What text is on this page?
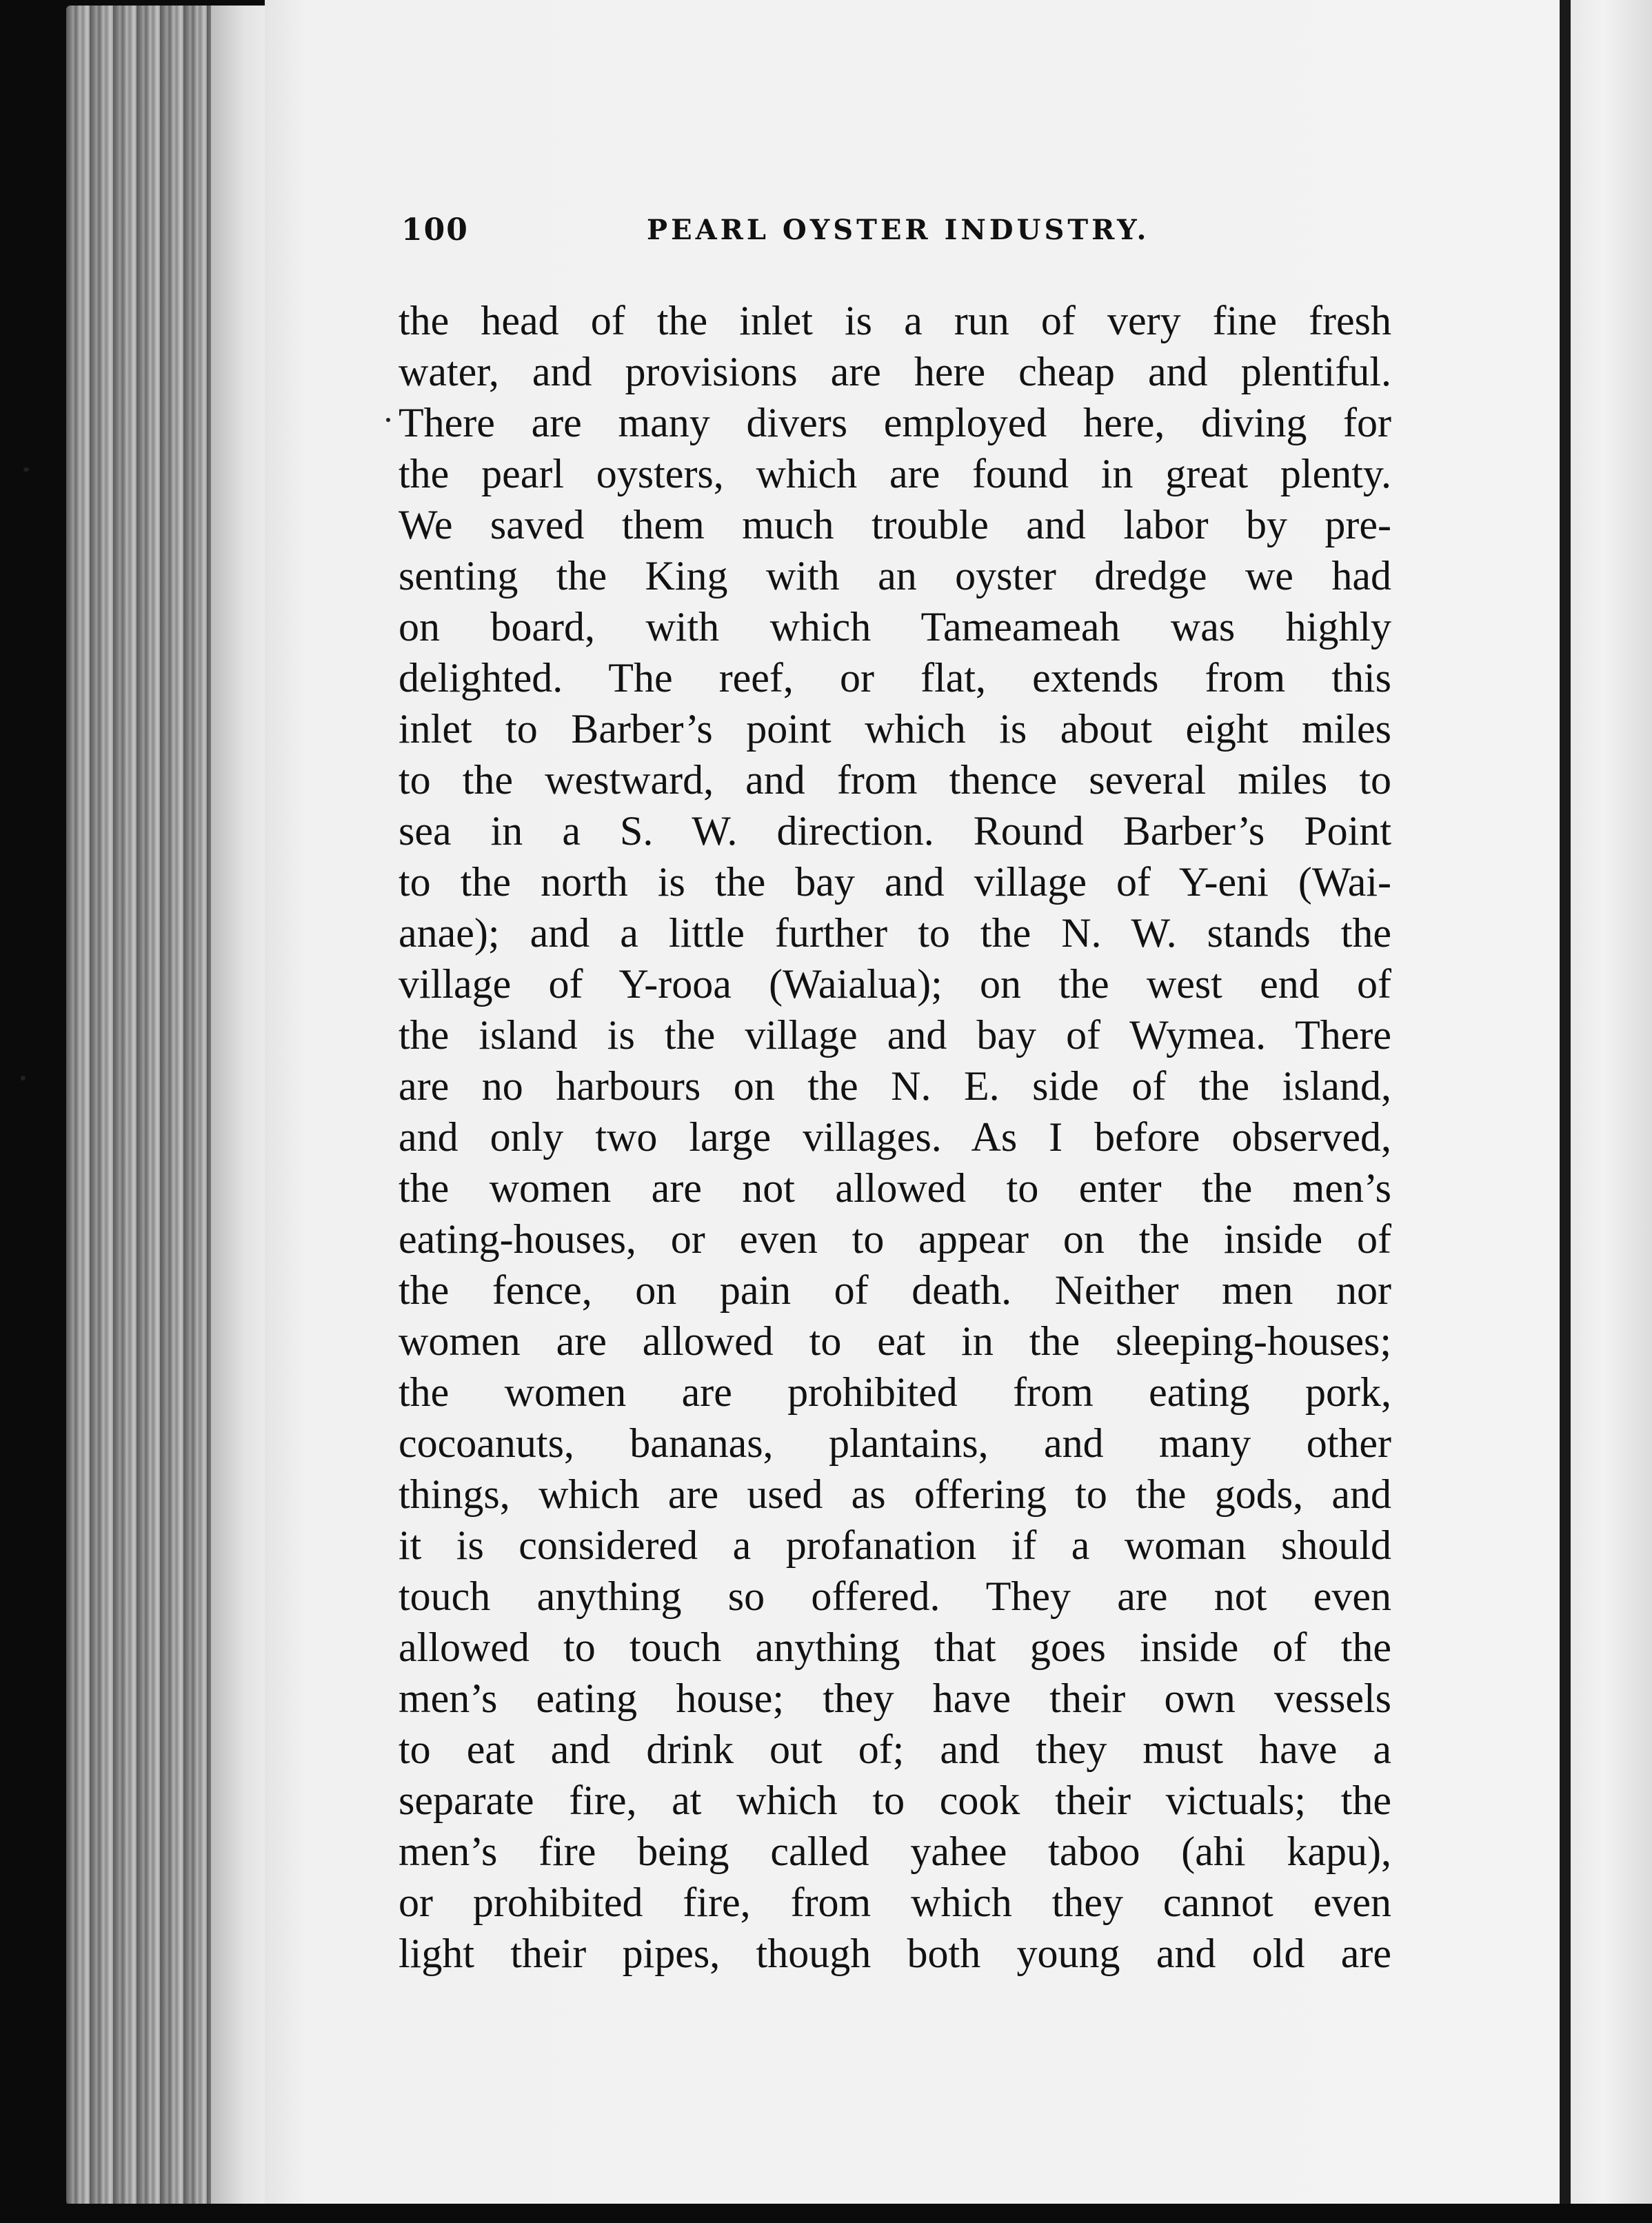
100	PEARL OYSTER INDUSTRY.
the head of the inlet is a run of very fine fresh
water, and provisions are here cheap and plentiful.
There are many divers employed here, diving for
the pearl oysters, which are found in great plenty.
We saved them much trouble and labor by pre-
senting the King with an oyster dredge we had
on board, with which Tameameah was highly
delighted. The reef, or flat, extends from this
inlet to Barber’s point which is about eight miles
to the westward, and from thence several miles to
sea in a S. W. direction. Round Barber’s Point
to the north is the bay and village of Y-eni (Wai-
anae); and a little further to the N. W. stands the
village of Y-rooa (Waialua); on the west end of
the island is the village and bay of Wymea. There
are no harbours on the N. E. side of the island,
and only two large villages. As I before observed,
the women are not allowed to enter the men’s
eating-houses, or even to appear on the inside of
the fence, on pain of death. Neither men nor
women are allowed to eat in the sleeping-houses;
the women are prohibited from eating pork,
cocoanuts, bananas, plantains, and many other
things, which are used as offering to the gods, and
it is considered a profanation if a woman should
touch anything so offered. They are not even
allowed to touch anything that goes inside of the
men’s eating house; they have their own vessels
to eat and drink out of; and they must have a
separate fire, at which to cook their victuals; the
men’s fire being called yahee taboo (ahi kapu),
or prohibited fire, from which they cannot even
light their pipes, though both young and old are
